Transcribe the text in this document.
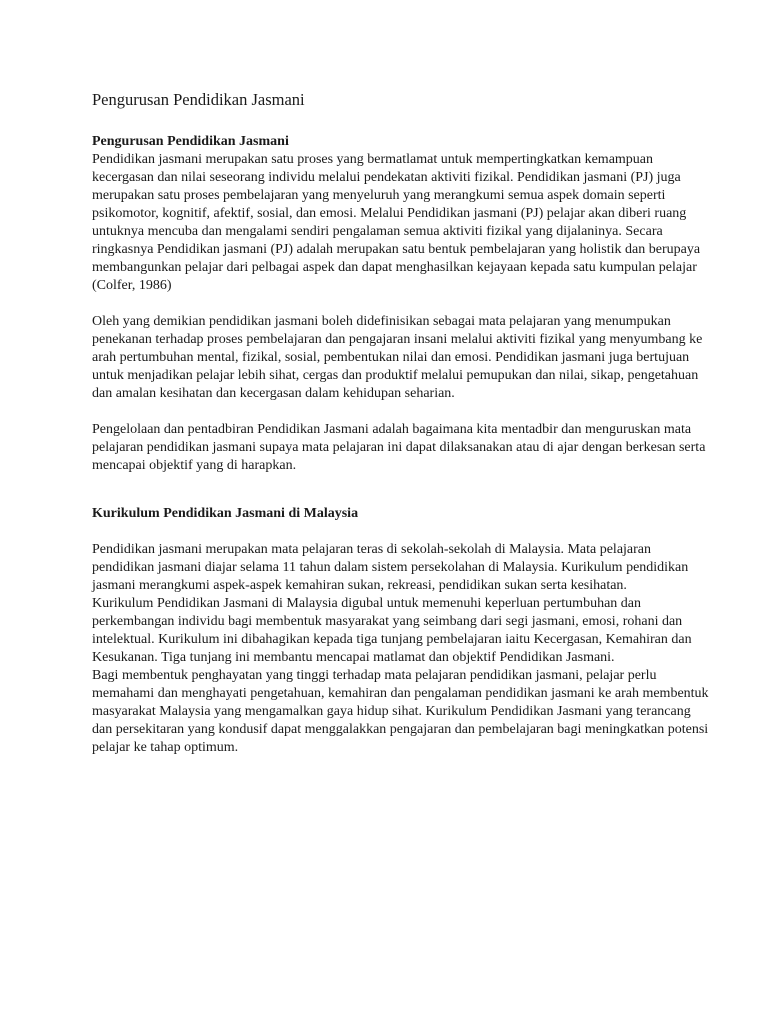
Pengurusan Pendidikan Jasmani
Pengurusan Pendidikan Jasmani

Pendidikan jasmani merupakan satu proses yang bermatlamat untuk mempertingkatkan kemampuan kecergasan dan nilai seseorang individu melalui pendekatan aktiviti fizikal. Pendidikan jasmani (PJ) juga merupakan satu proses pembelajaran yang menyeluruh yang merangkumi semua aspek domain seperti psikomotor, kognitif, afektif, sosial, dan emosi. Melalui Pendidikan jasmani (PJ) pelajar akan diberi ruang untuknya mencuba dan mengalami sendiri pengalaman semua aktiviti fizikal yang dijalaninya. Secara ringkasnya Pendidikan jasmani (PJ) adalah merupakan satu bentuk pembelajaran yang holistik dan berupaya membangunkan pelajar dari pelbagai aspek dan dapat menghasilkan kejayaan kepada satu kumpulan pelajar (Colfer, 1986)

Oleh yang demikian pendidikan jasmani boleh didefinisikan sebagai mata pelajaran yang menumpukan penekanan terhadap proses pembelajaran dan pengajaran insani melalui aktiviti fizikal yang menyumbang ke arah pertumbuhan mental, fizikal, sosial, pembentukan nilai dan emosi. Pendidikan jasmani juga bertujuan untuk menjadikan pelajar lebih sihat, cergas dan produktif melalui pemupukan dan nilai, sikap, pengetahuan dan amalan kesihatan dan kecergasan dalam kehidupan seharian.

Pengelolaan dan pentadbiran Pendidikan Jasmani adalah bagaimana kita mentadbir dan menguruskan mata pelajaran pendidikan jasmani supaya mata pelajaran ini dapat dilaksanakan atau di ajar dengan berkesan serta mencapai objektif yang di harapkan.

Kurikulum Pendidikan Jasmani di Malaysia

Pendidikan jasmani merupakan mata pelajaran teras di sekolah-sekolah di Malaysia. Mata pelajaran pendidikan jasmani diajar selama 11 tahun dalam sistem persekolahan di Malaysia. Kurikulum pendidikan jasmani merangkumi aspek-aspek kemahiran sukan, rekreasi, pendidikan sukan serta kesihatan.

Kurikulum Pendidikan Jasmani di Malaysia digubal untuk memenuhi keperluan pertumbuhan dan perkembangan individu bagi membentuk masyarakat yang seimbang dari segi jasmani, emosi, rohani dan intelektual. Kurikulum ini dibahagikan kepada tiga tunjang pembelajaran iaitu Kecergasan, Kemahiran dan Kesukanan. Tiga tunjang ini membantu mencapai matlamat dan objektif Pendidikan Jasmani.

Bagi membentuk penghayatan yang tinggi terhadap mata pelajaran pendidikan jasmani, pelajar perlu memahami dan menghayati pengetahuan, kemahiran dan pengalaman pendidikan jasmani ke arah membentuk masyarakat Malaysia yang mengamalkan gaya hidup sihat. Kurikulum Pendidikan Jasmani yang terancang dan persekitaran yang kondusif dapat menggalakkan pengajaran dan pembelajaran bagi meningkatkan potensi pelajar ke tahap optimum.
